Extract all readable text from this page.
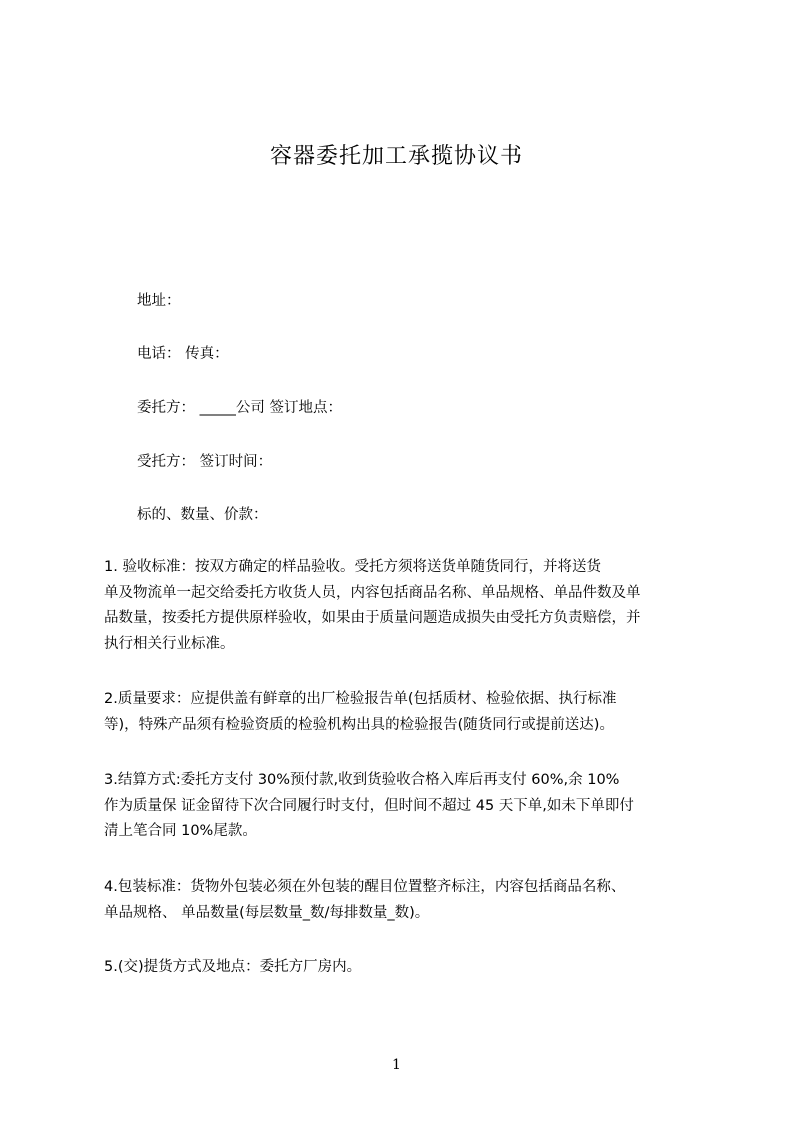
容器委托加工承揽协议书
地址：
电话： 传真：
委托方： _____公司 签订地点：
受托方： 签订时间：
标的、数量、价款：
1. 验收标准：按双方确定的样品验收。受托方须将送货单随货同行，并将送货
单及物流单一起交给委托方收货人员，内容包括商品名称、单品规格、单品件数及单
品数量，按委托方提供原样验收，如果由于质量问题造成损失由受托方负责赔偿，并
执行相关行业标准。
2.质量要求：应提供盖有鲜章的出厂检验报告单(包括质材、检验依据、执行标准
等)，特殊产品须有检验资质的检验机构出具的检验报告(随货同行或提前送达)。
3.结算方式:委托方支付 30%预付款,收到货验收合格入库后再支付 60%,余 10%
作为质量保 证金留待下次合同履行时支付，但时间不超过 45 天下单,如未下单即付
清上笔合同 10%尾款。
4.包装标准：货物外包装必须在外包装的醒目位置整齐标注，内容包括商品名称、
单品规格、 单品数量(每层数量_数/每排数量_数)。
5.(交)提货方式及地点：委托方厂房内。
1
